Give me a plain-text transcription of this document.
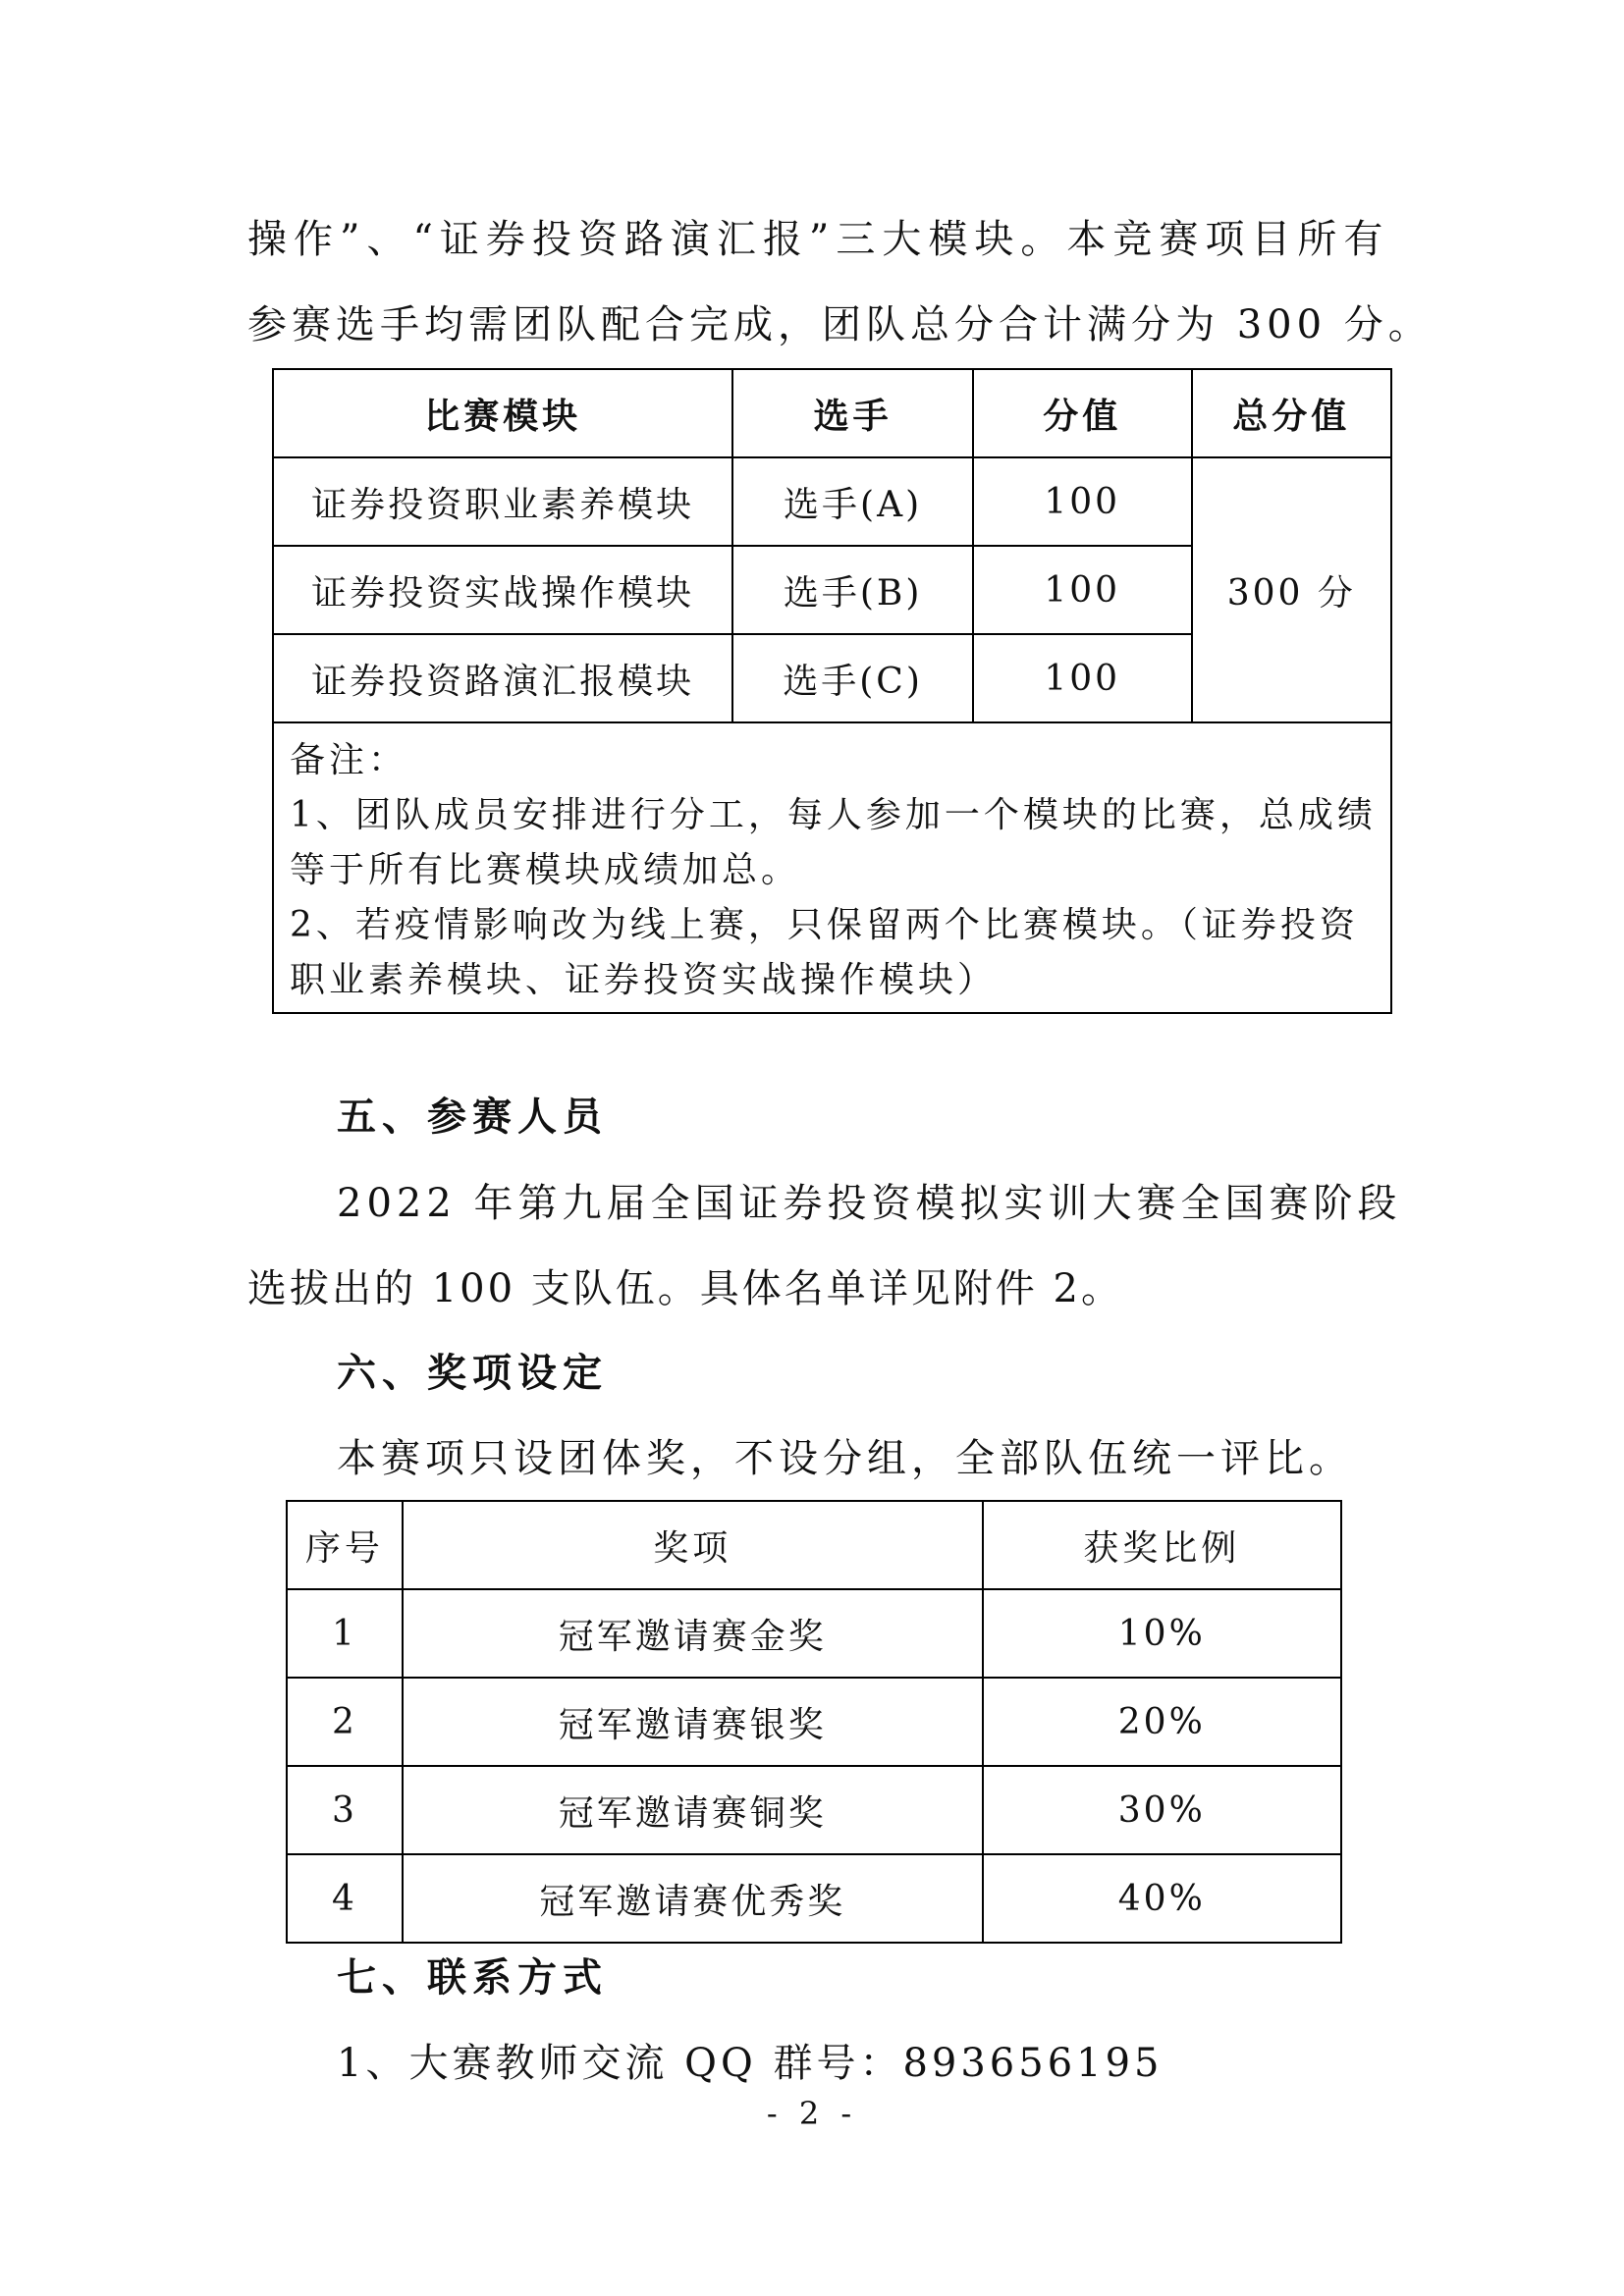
操作”、“证券投资路演汇报”三大模块。本竞赛项目所有
参赛选手均需团队配合完成，团队总分合计满分为 300 分。
比赛模块	选手	分值	总分值
证券投资职业素养模块	选手(A)	100	300 分
证券投资实战操作模块	选手(B)	100	
证券投资路演汇报模块	选手(C)	100	

备注：
1、团队成员安排进行分工，每人参加一个模块的比赛，总成绩
等于所有比赛模块成绩加总。
2、若疫情影响改为线上赛，只保留两个比赛模块。（证券投资
职业素养模块、证券投资实战操作模块）			
五、参赛人员
2022 年第九届全国证券投资模拟实训大赛全国赛阶段
选拔出的 100 支队伍。具体名单详见附件 2。
六、奖项设定
本赛项只设团体奖，不设分组，全部队伍统一评比。
序号	奖项	获奖比例
1	冠军邀请赛金奖	10%
2	冠军邀请赛银奖	20%
3	冠军邀请赛铜奖	30%
4	冠军邀请赛优秀奖	40%
七、联系方式
1、大赛教师交流 QQ 群号：893656195
- 2 -
